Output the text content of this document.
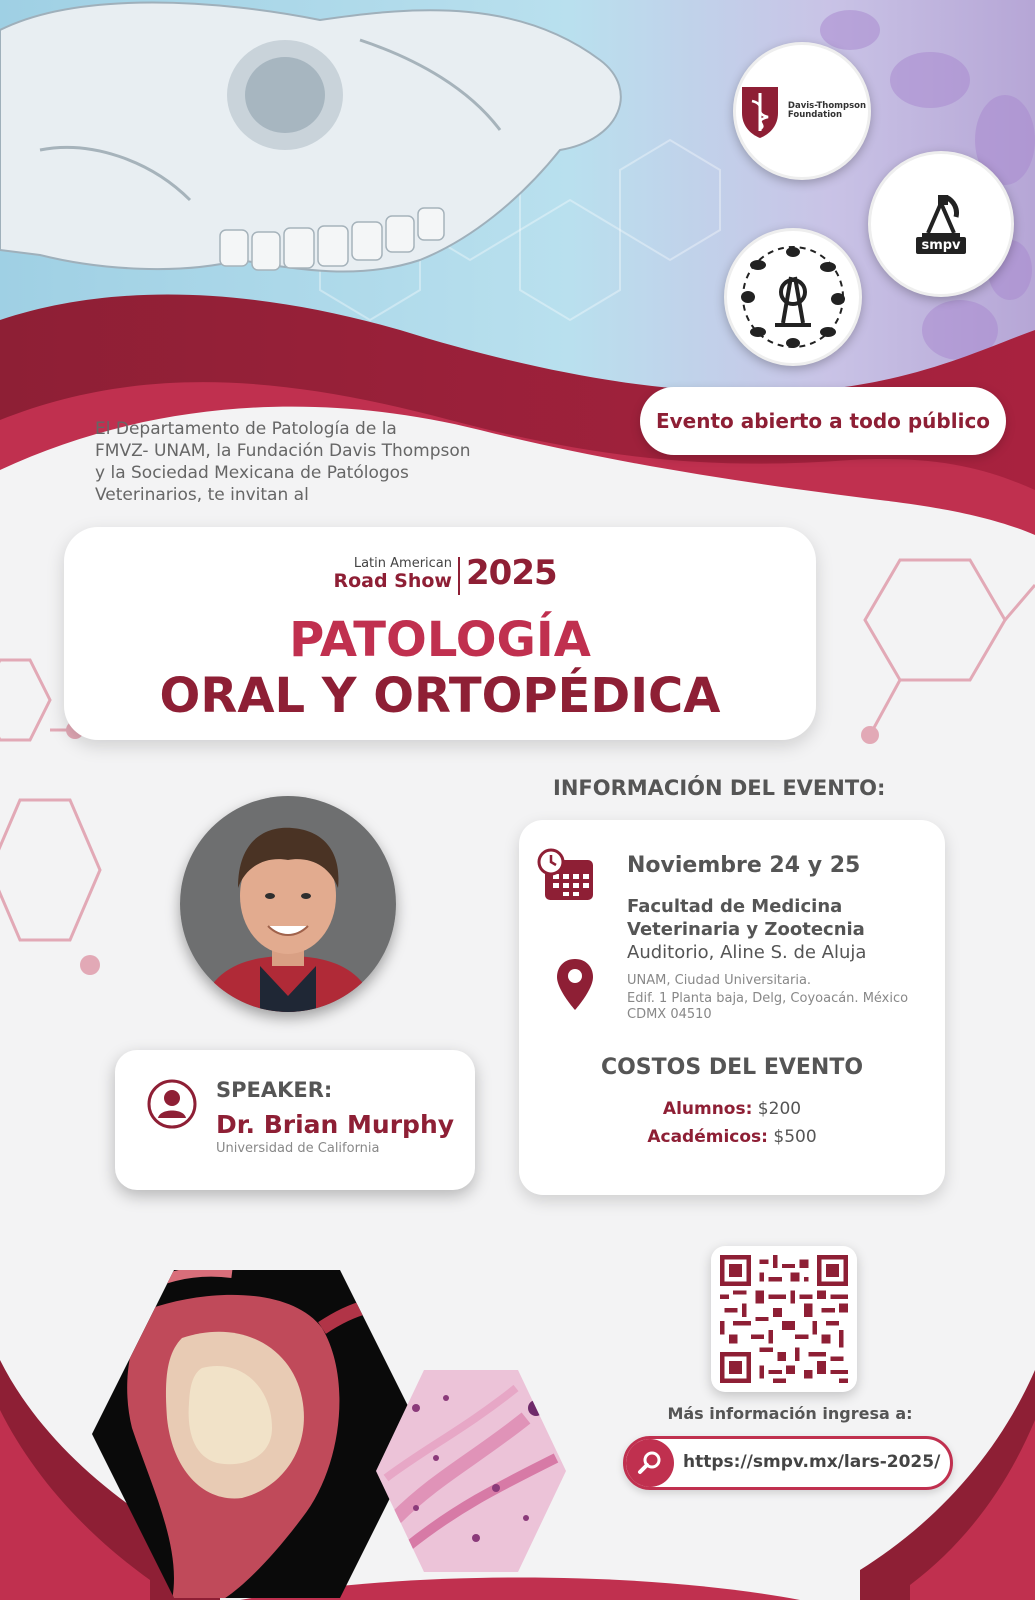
Davis-Thompson
Foundation
smpv
Evento abierto a todo público
El Departamento de Patología de la
FMVZ- UNAM, la Fundación Davis Thompson
y la Sociedad Mexicana de Patólogos
Veterinarios, te invitan al
Latin American
Road Show 2025
PATOLOGÍA
ORAL Y ORTOPÉDICA
INFORMACIÓN DEL EVENTO:
SPEAKER:
Dr. Brian Murphy
Universidad de California
Noviembre 24 y 25
Facultad de Medicina
Veterinaria y Zootecnia
Auditorio, Aline S. de Aluja
UNAM, Ciudad Universitaria.
Edif. 1 Planta baja, Delg, Coyoacán. México
CDMX 04510
COSTOS DEL EVENTO
Alumnos: $200
Académicos: $500
Más información ingresa a:
https://smpv.mx/lars-2025/
